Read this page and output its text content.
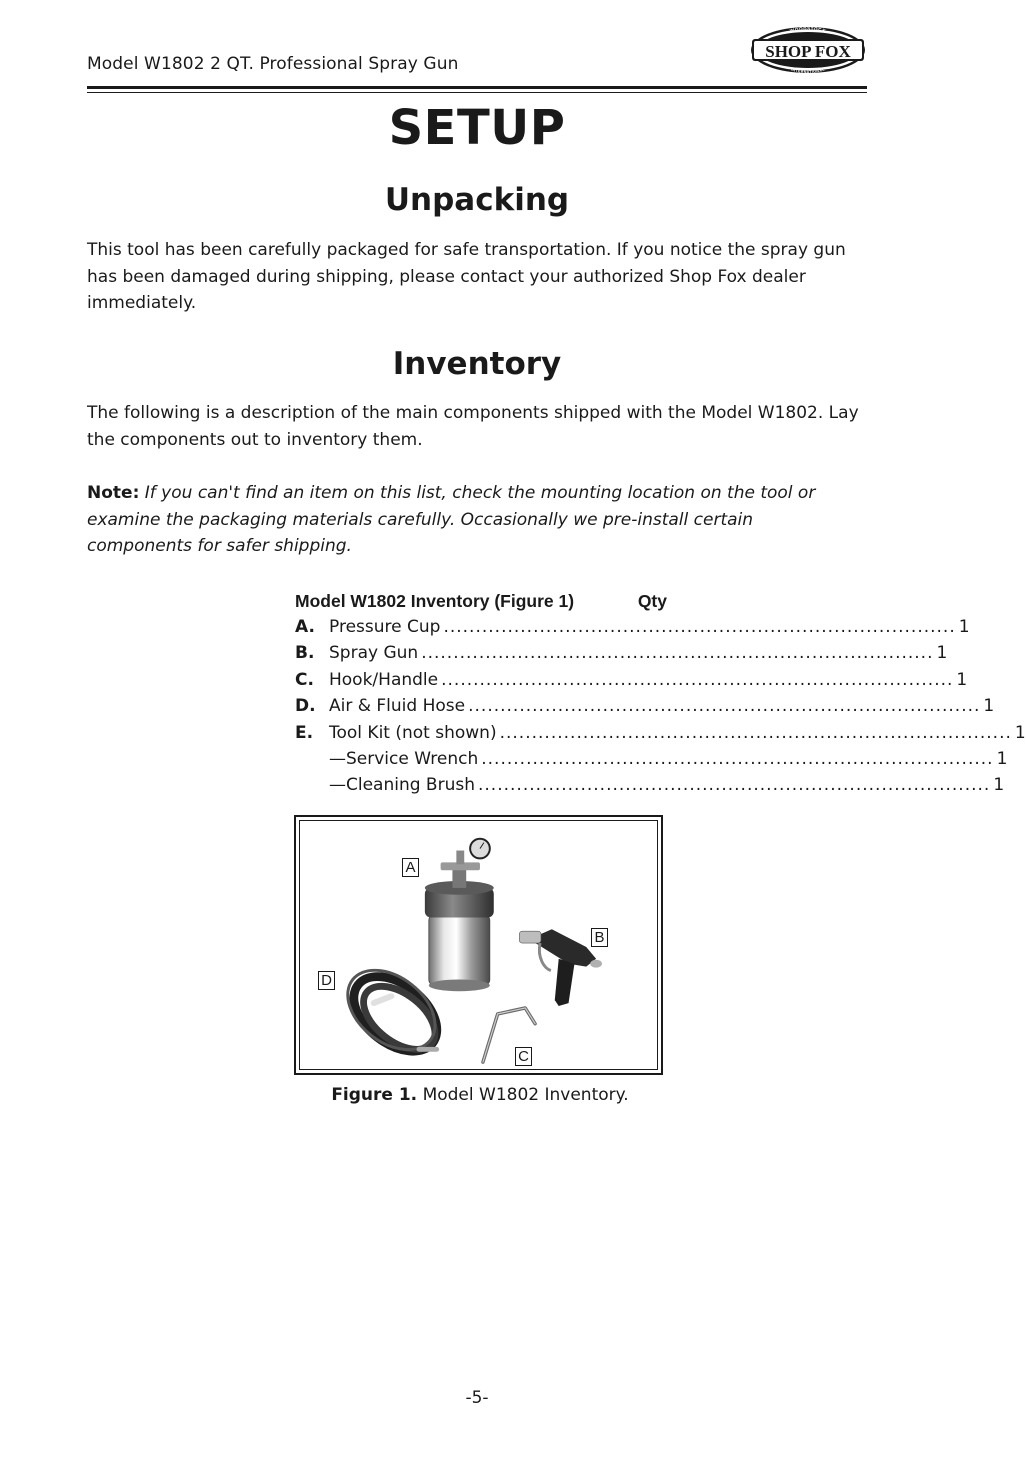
Model W1802 2 QT. Professional Spray Gun
SHOP FOX
WOODSTOCK
INTERNATIONAL
SETUP
Unpacking
This tool has been carefully packaged for safe transportation. If you notice the spray gun has been damaged during shipping, please contact your authorized Shop Fox dealer immediately.
Inventory
The following is a description of the main components shipped with the Model W1802. Lay the components out to inventory them.
Note: If you can't find an item on this list, check the mounting location on the tool or examine the packaging materials carefully. Occasionally we pre-install certain components for safer shipping.
Model W1802 Inventory (Figure 1)	Qty
A. Pressure Cup ................................................................................ 1
B. Spray Gun ................................................................................ 1
C. Hook/Handle ................................................................................ 1
D. Air & Fluid Hose ................................................................................ 1
E. Tool Kit (not shown) ................................................................................ 1
—Service Wrench ................................................................................ 1
—Cleaning Brush ................................................................................ 1
A
B
C
D
Figure 1. Model W1802 Inventory.
-5-
